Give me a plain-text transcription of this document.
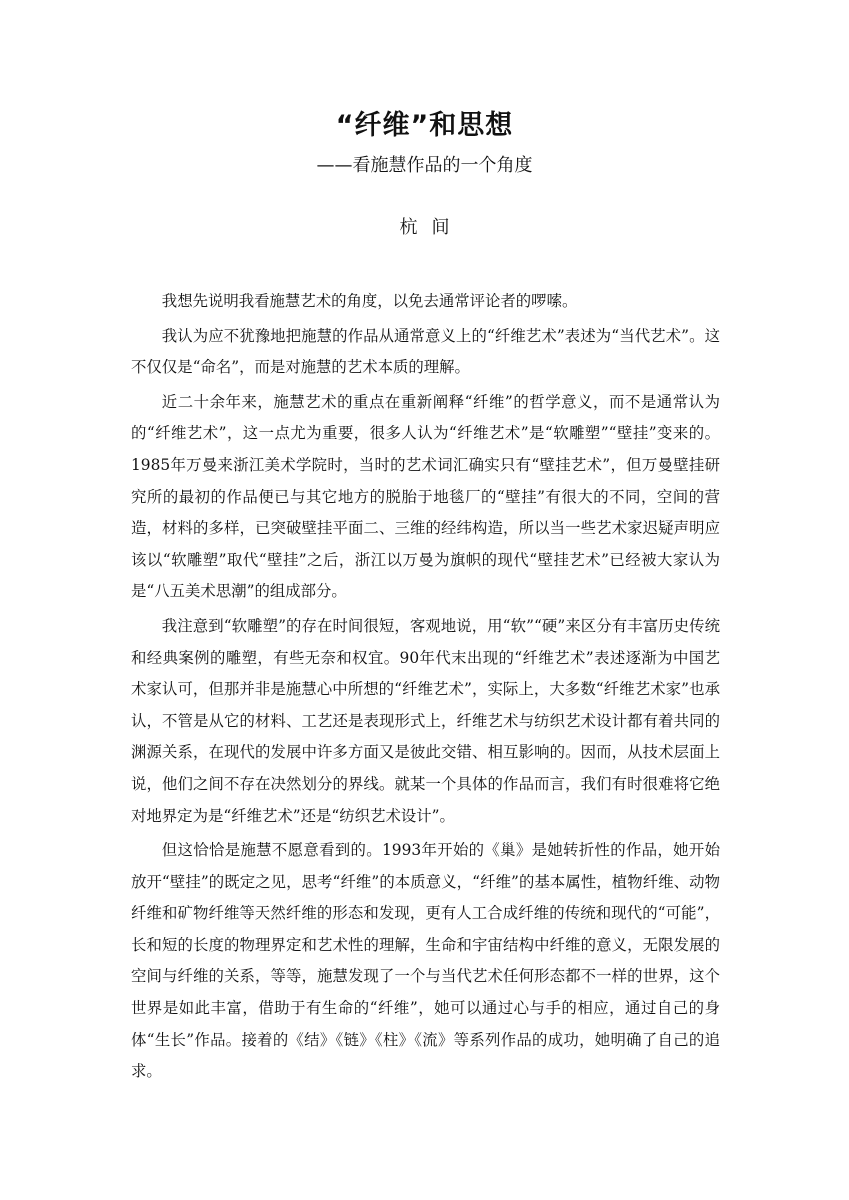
“纤维”和思想
——看施慧作品的一个角度
杭间

我想先说明我看施慧艺术的角度，以免去通常评论者的啰嗦。

我认为应不犹豫地把施慧的作品从通常意义上的“纤维艺术”表述为“当代艺术”。这不仅仅是“命名”，而是对施慧的艺术本质的理解。

近二十余年来，施慧艺术的重点在重新阐释“纤维”的哲学意义，而不是通常认为的“纤维艺术”，这一点尤为重要，很多人认为“纤维艺术”是“软雕塑”“壁挂”变来的。1985年万曼来浙江美术学院时，当时的艺术词汇确实只有“壁挂艺术”，但万曼壁挂研究所的最初的作品便已与其它地方的脱胎于地毯厂的“壁挂”有很大的不同，空间的营造，材料的多样，已突破壁挂平面二、三维的经纬构造，所以当一些艺术家迟疑声明应该以“软雕塑”取代“壁挂”之后，浙江以万曼为旗帜的现代“壁挂艺术”已经被大家认为是“八五美术思潮”的组成部分。

我注意到“软雕塑”的存在时间很短，客观地说，用“软”“硬”来区分有丰富历史传统和经典案例的雕塑，有些无奈和权宜。90年代末出现的“纤维艺术”表述逐渐为中国艺术家认可，但那并非是施慧心中所想的“纤维艺术”，实际上，大多数“纤维艺术家”也承认，不管是从它的材料、工艺还是表现形式上，纤维艺术与纺织艺术设计都有着共同的渊源关系，在现代的发展中许多方面又是彼此交错、相互影响的。因而，从技术层面上说，他们之间不存在决然划分的界线。就某一个具体的作品而言，我们有时很难将它绝对地界定为是“纤维艺术”还是“纺织艺术设计”。

但这恰恰是施慧不愿意看到的。1993年开始的《巢》是她转折性的作品，她开始放开“壁挂”的既定之见，思考“纤维”的本质意义，“纤维”的基本属性，植物纤维、动物纤维和矿物纤维等天然纤维的形态和发现，更有人工合成纤维的传统和现代的“可能”，长和短的长度的物理界定和艺术性的理解，生命和宇宙结构中纤维的意义，无限发展的空间与纤维的关系，等等，施慧发现了一个与当代艺术任何形态都不一样的世界，这个世界是如此丰富，借助于有生命的“纤维”，她可以通过心与手的相应，通过自己的身体“生长”作品。接着的《结》《链》《柱》《流》等系列作品的成功，她明确了自己的追求。
